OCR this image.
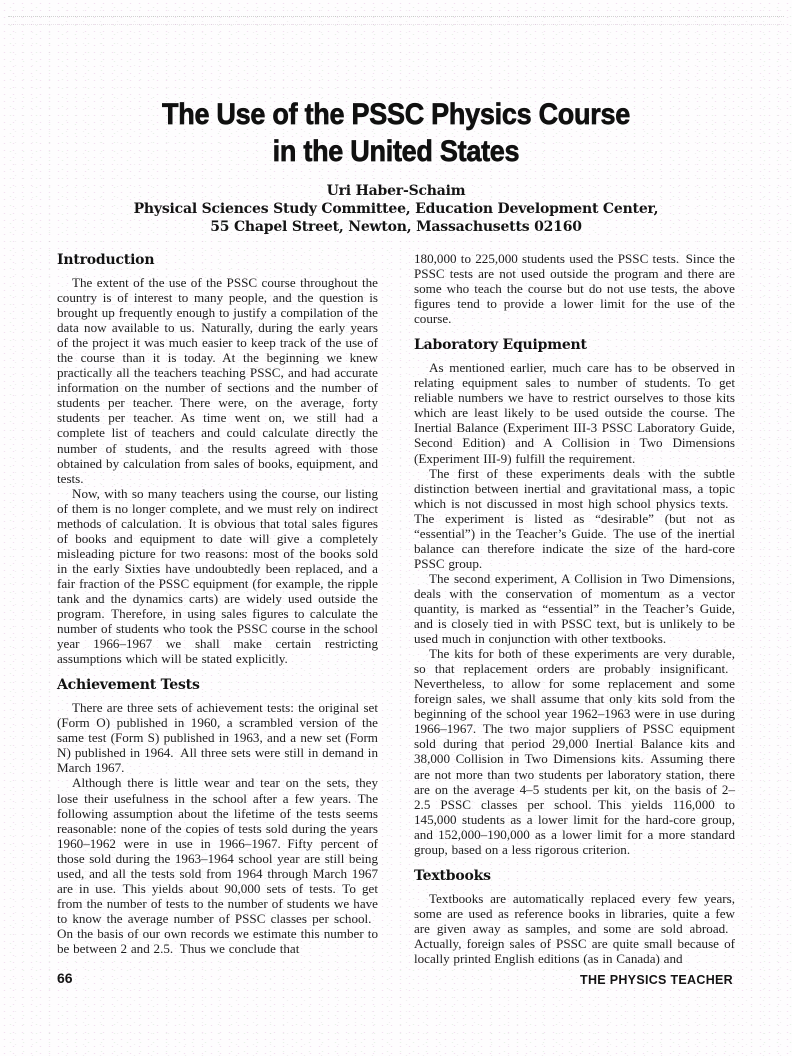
The Use of the PSSC Physics Course
in the United States
Uri Haber-Schaim
Physical Sciences Study Committee, Education Development Center,
55 Chapel Street, Newton, Massachusetts 02160
Introduction

The extent of the use of the PSSC course throughout the country is of interest to many people, and the question is brought up frequently enough to justify a compilation of the data now available to us. Naturally, during the early years of the project it was much easier to keep track of the use of the course than it is today. At the beginning we knew practically all the teachers teaching PSSC, and had accurate information on the number of sections and the number of students per teacher. There were, on the average, forty students per teacher. As time went on, we still had a complete list of teachers and could calculate directly the number of students, and the results agreed with those obtained by calculation from sales of books, equipment, and tests.

Now, with so many teachers using the course, our listing of them is no longer complete, and we must rely on indirect methods of calculation. It is obvious that total sales figures of books and equipment to date will give a completely misleading picture for two reasons: most of the books sold in the early Sixties have undoubtedly been replaced, and a fair fraction of the PSSC equipment (for example, the ripple tank and the dynamics carts) are widely used outside the program. Therefore, in using sales figures to calculate the number of students who took the PSSC course in the school year 1966–1967 we shall make certain restricting assumptions which will be stated explicitly.

Achievement Tests

There are three sets of achievement tests: the original set (Form O) published in 1960, a scrambled version of the same test (Form S) published in 1963, and a new set (Form N) published in 1964. All three sets were still in demand in March 1967.

Although there is little wear and tear on the sets, they lose their usefulness in the school after a few years. The following assumption about the lifetime of the tests seems reasonable: none of the copies of tests sold during the years 1960–1962 were in use in 1966–1967. Fifty percent of those sold during the 1963–1964 school year are still being used, and all the tests sold from 1964 through March 1967 are in use. This yields about 90,000 sets of tests. To get from the number of tests to the number of students we have to know the average number of PSSC classes per school. On the basis of our own records we estimate this number to be between 2 and 2.5. Thus we conclude that

180,000 to 225,000 students used the PSSC tests. Since the PSSC tests are not used outside the program and there are some who teach the course but do not use tests, the above figures tend to provide a lower limit for the use of the course.

Laboratory Equipment

As mentioned earlier, much care has to be observed in relating equipment sales to number of students. To get reliable numbers we have to restrict ourselves to those kits which are least likely to be used outside the course. The Inertial Balance (Experiment III-3 PSSC Laboratory Guide, Second Edition) and A Collision in Two Dimensions (Experiment III-9) fulfill the requirement.

The first of these experiments deals with the subtle distinction between inertial and gravitational mass, a topic which is not discussed in most high school physics texts. The experiment is listed as “desirable” (but not as “essential”) in the Teacher’s Guide. The use of the inertial balance can therefore indicate the size of the hard-core PSSC group.

The second experiment, A Collision in Two Dimensions, deals with the conservation of momentum as a vector quantity, is marked as “essential” in the Teacher’s Guide, and is closely tied in with PSSC text, but is unlikely to be used much in conjunction with other textbooks.

The kits for both of these experiments are very durable, so that replacement orders are probably insignificant. Nevertheless, to allow for some replacement and some foreign sales, we shall assume that only kits sold from the beginning of the school year 1962–1963 were in use during 1966–1967. The two major suppliers of PSSC equipment sold during that period 29,000 Inertial Balance kits and 38,000 Collision in Two Dimensions kits. Assuming there are not more than two students per laboratory station, there are on the average 4–5 students per kit, on the basis of 2–2.5 PSSC classes per school. This yields 116,000 to 145,000 students as a lower limit for the hard-core group, and 152,000–190,000 as a lower limit for a more standard group, based on a less rigorous criterion.

Textbooks

Textbooks are automatically replaced every few years, some are used as reference books in libraries, quite a few are given away as samples, and some are sold abroad. Actually, foreign sales of PSSC are quite small because of locally printed English editions (as in Canada) and

66	THE PHYSICS TEACHER
